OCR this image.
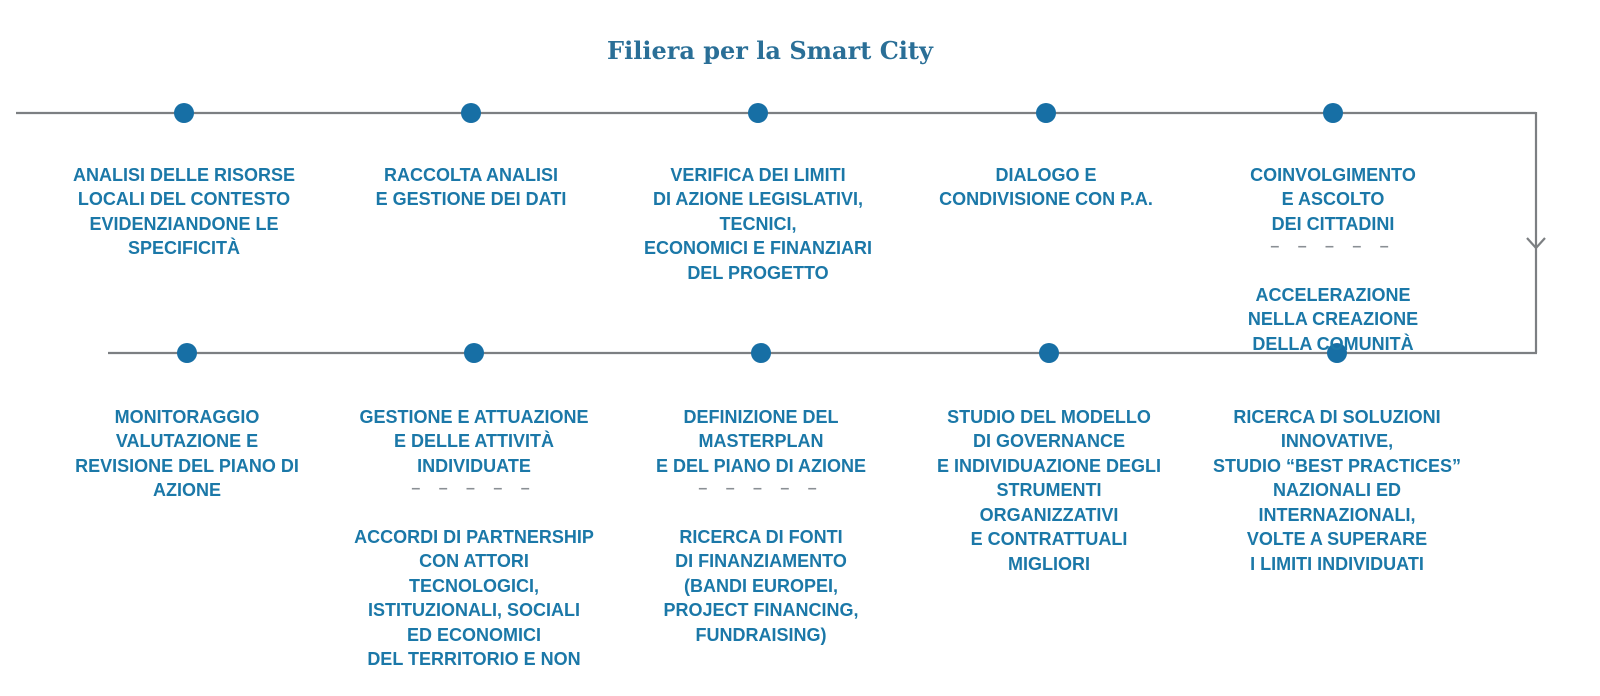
Filiera per la Smart City

ANALISI DELLE RISORSE
LOCALI DEL CONTESTO
EVIDENZIANDONE LE
SPECIFICITÀ

RACCOLTA ANALISI
E GESTIONE DEI DATI

VERIFICA DEI LIMITI
DI AZIONE LEGISLATIVI,
TECNICI,
ECONOMICI E FINANZIARI
DEL PROGETTO

DIALOGO E
CONDIVISIONE CON P.A.

COINVOLGIMENTO
E ASCOLTO
DEI CITTADINI

– – – – –

ACCELERAZIONE
NELLA CREAZIONE
DELLA COMUNITÀ

MONITORAGGIO
VALUTAZIONE E
REVISIONE DEL PIANO DI
AZIONE

GESTIONE E ATTUAZIONE
E DELLE ATTIVITÀ
INDIVIDUATE

– – – – –

ACCORDI DI PARTNERSHIP
CON ATTORI
TECNOLOGICI,
ISTITUZIONALI, SOCIALI
ED ECONOMICI
DEL TERRITORIO E NON

DEFINIZIONE DEL
MASTERPLAN
E DEL PIANO DI AZIONE

– – – – –

RICERCA DI FONTI
DI FINANZIAMENTO
(BANDI EUROPEI,
PROJECT FINANCING,
FUNDRAISING)

STUDIO DEL MODELLO
DI GOVERNANCE
E INDIVIDUAZIONE DEGLI
STRUMENTI
ORGANIZZATIVI
E CONTRATTUALI
MIGLIORI

RICERCA DI SOLUZIONI
INNOVATIVE,
STUDIO “BEST PRACTICES”
NAZIONALI ED
INTERNAZIONALI,
VOLTE A SUPERARE
I LIMITI INDIVIDUATI
